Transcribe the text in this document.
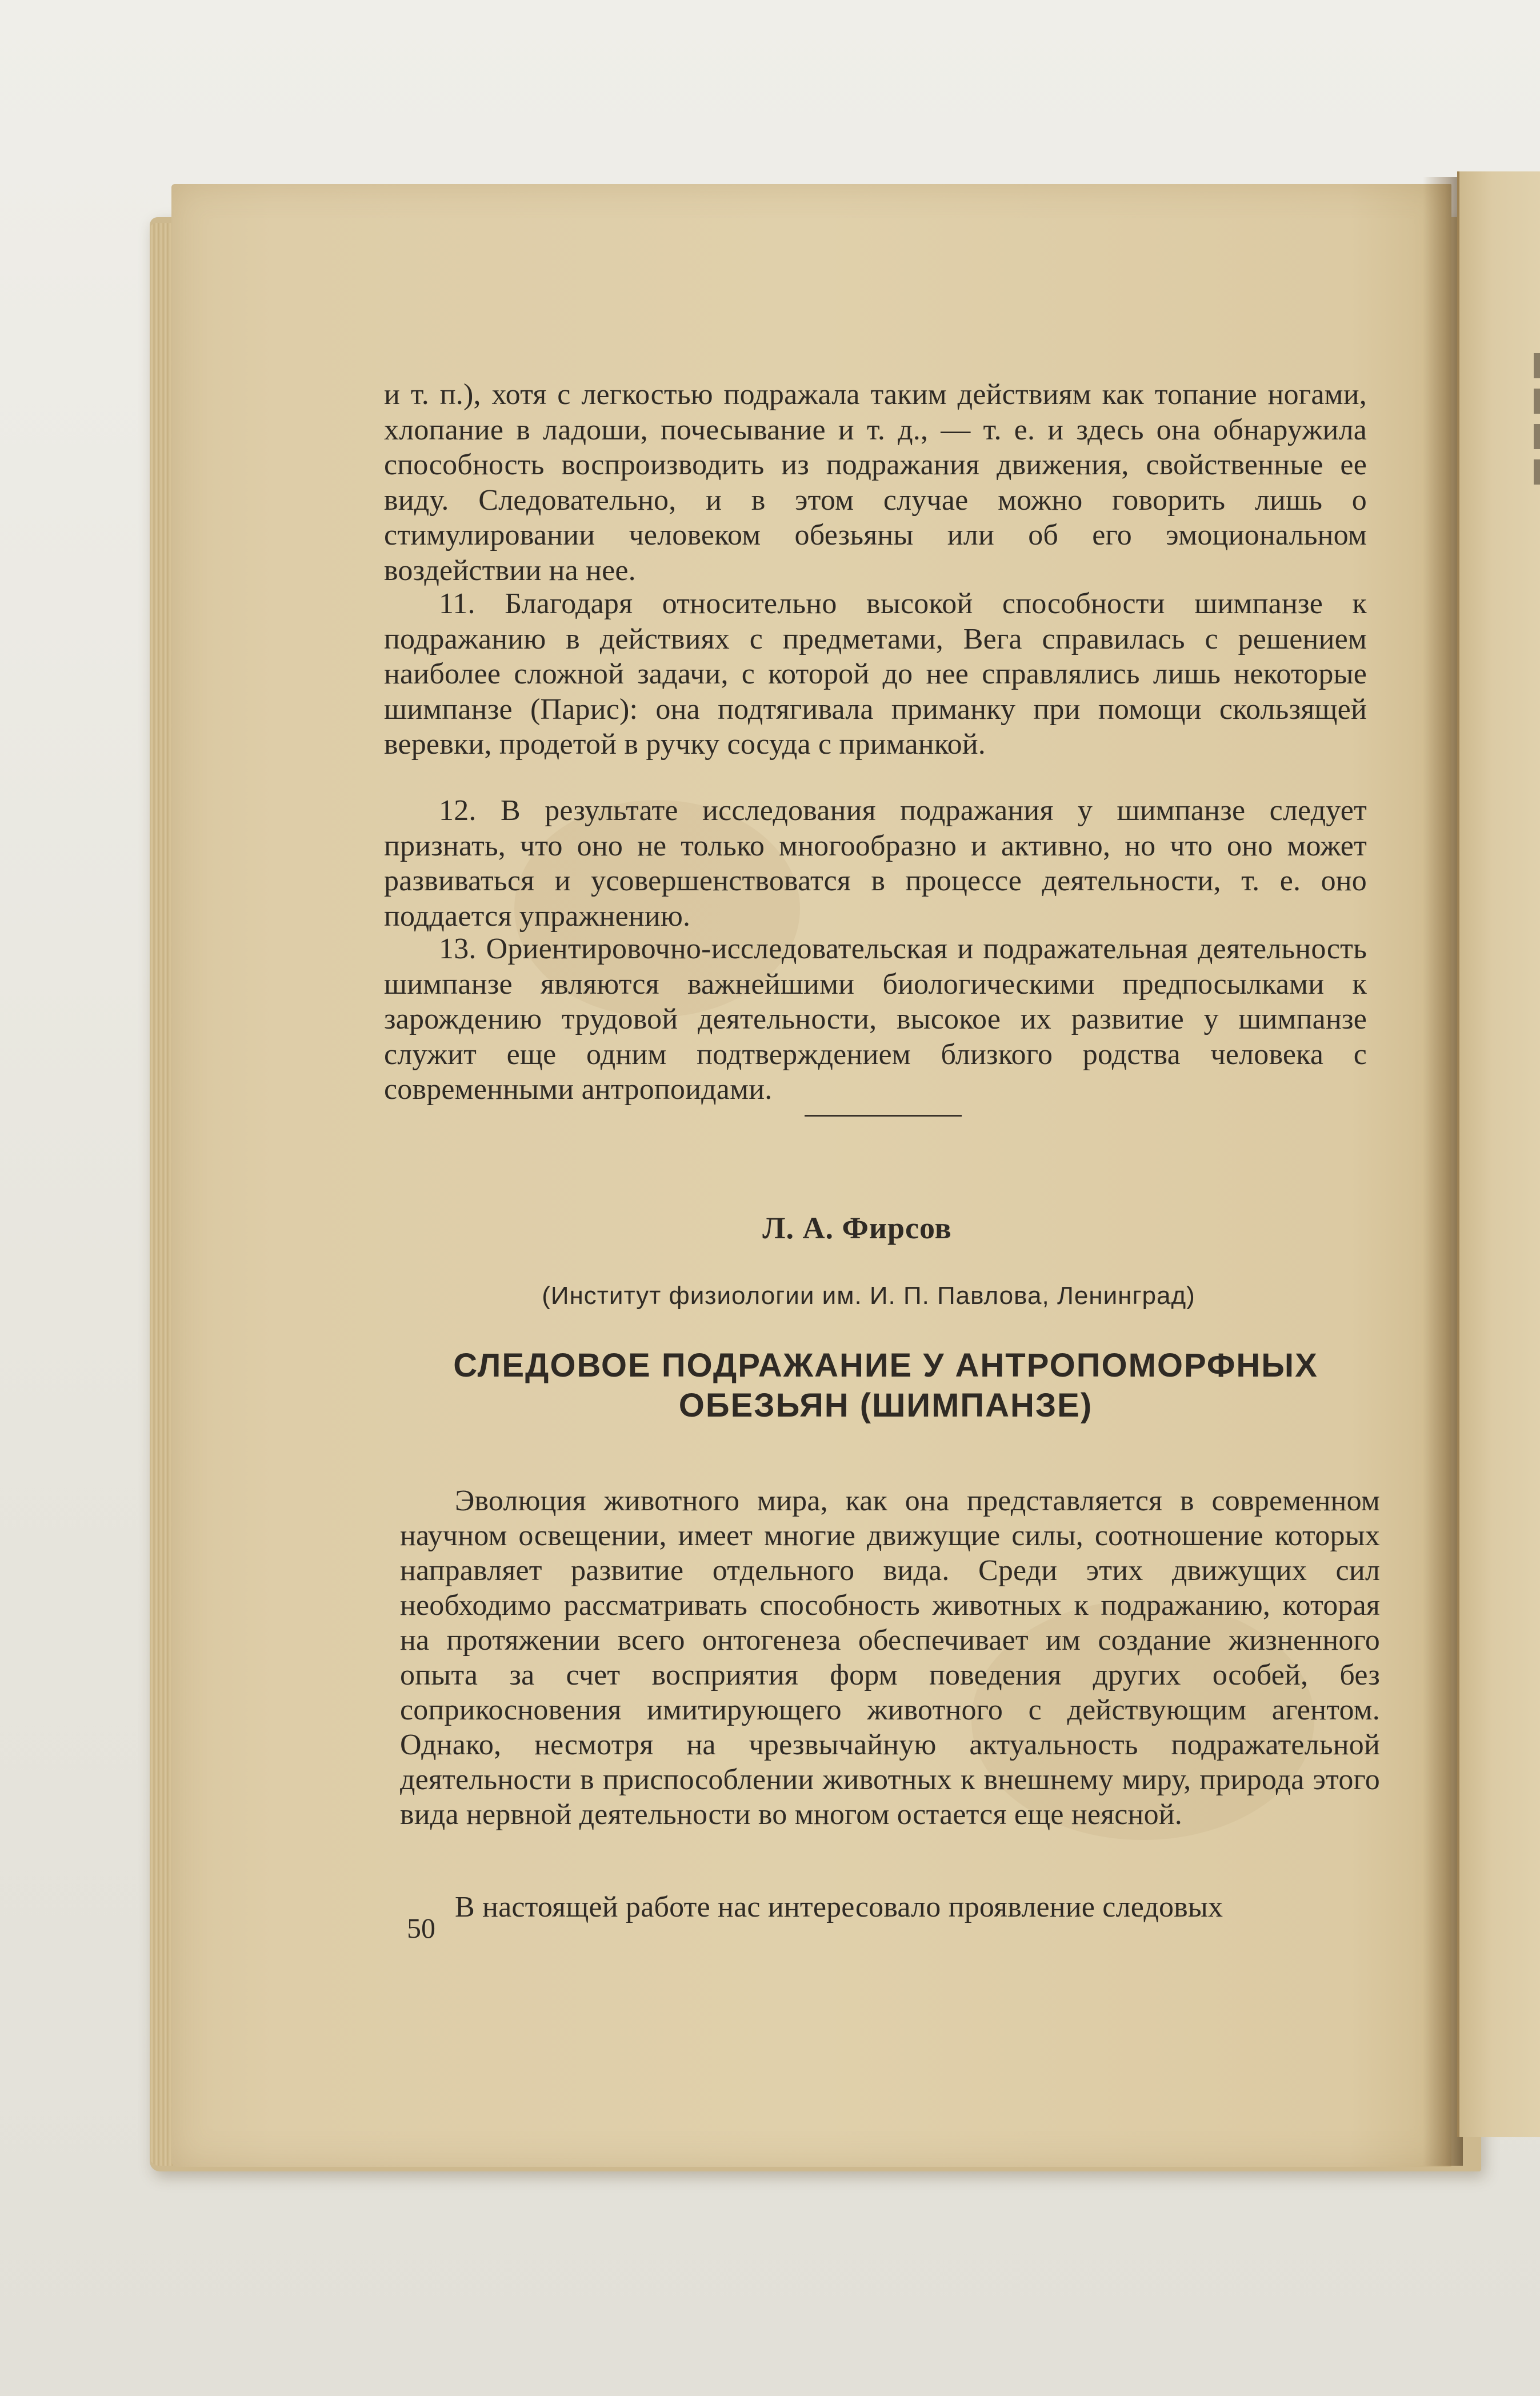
и т. п.), хотя с легкостью подражала таким действиям как топание ногами, хлопание в ладоши, почесывание и т. д., — т. е. и здесь она обнаружила способность воспроизводить из подражания движения, свойственные ее виду. Следовательно, и в этом случае можно говорить лишь о стимулировании человеком обезьяны или об его эмоциональном воздействии на нее.

11. Благодаря относительно высокой способности шимпанзе к подражанию в действиях с предметами, Вега справилась с решением наиболее сложной задачи, с которой до нее справлялись лишь некоторые шимпанзе (Парис): она подтягивала приманку при помощи скользящей веревки, продетой в ручку сосуда с приманкой.

12. В результате исследования подражания у шимпанзе следует признать, что оно не только многообразно и активно, но что оно может развиваться и усовершенствоватся в процессе деятельности, т. е. оно поддается упражнению.

13. Ориентировочно-исследовательская и подражательная деятельность шимпанзе являются важнейшими биологическими предпосылками к зарождению трудовой деятельности, высокое их развитие у шимпанзе служит еще одним подтверждением близкого родства человека с современными антропоидами.

Л. А. Фирсов
(Институт физиологии им. И. П. Павлова, Ленинград)
СЛЕДОВОЕ ПОДРАЖАНИЕ У АНТРОПОМОРФНЫХ
ОБЕЗЬЯН (ШИМПАНЗЕ)

Эволюция животного мира, как она представляется в современном научном освещении, имеет многие движущие силы, соотношение которых направляет развитие отдельного вида. Среди этих движущих сил необходимо рассматривать способность животных к подражанию, которая на протяжении всего онтогенеза обеспечивает им создание жизненного опыта за счет восприятия форм поведения других особей, без соприкосновения имитирующего животного с действующим агентом. Однако, несмотря на чрезвычайную актуальность подражательной деятельности в приспособлении животных к внешнему миру, природа этого вида нервной деятельности во многом остается еще неясной.

В настоящей работе нас интересовало проявление следовых

50
